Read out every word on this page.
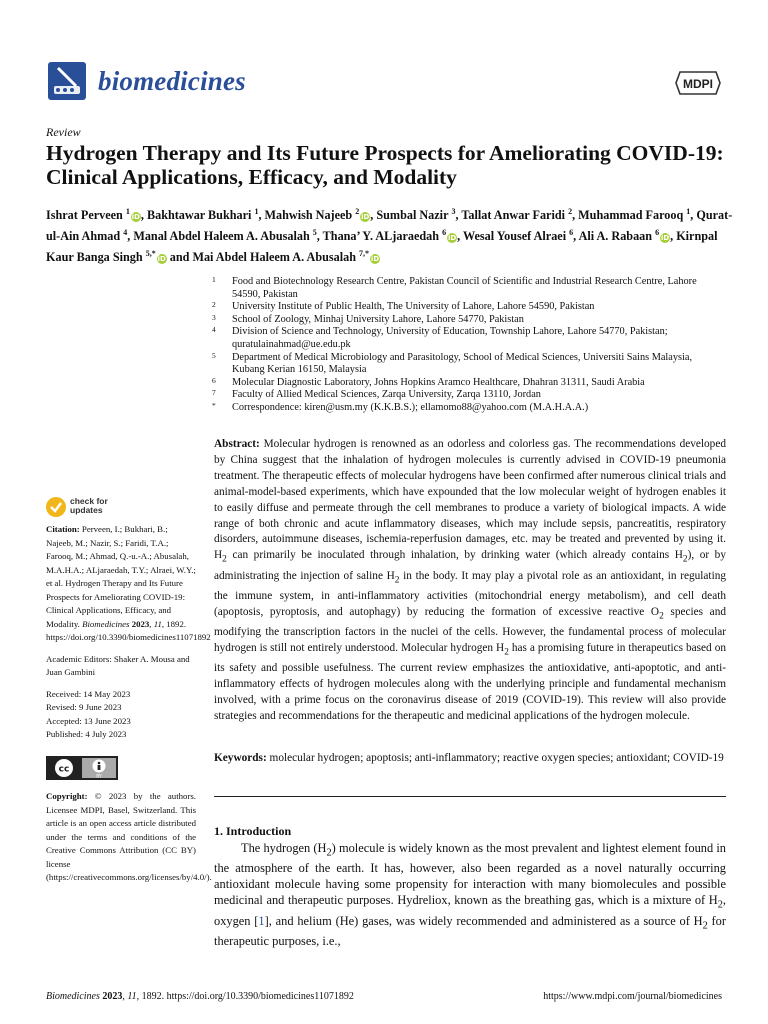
biomedicines	MDPI
Review
Hydrogen Therapy and Its Future Prospects for Ameliorating COVID-19: Clinical Applications, Efficacy, and Modality
Ishrat Perveen $^1$iD, Bakhtawar Bukhari $^1$, Mahwish Najeeb $^2$iD, Sumbal Nazir $^3$, Tallat Anwar Faridi $^2$, Muhammad Farooq $^1$, Qurat-ul-Ain Ahmad $^4$, Manal Abdel Haleem A. Abusalah $^5$, Thana’ Y. ALjaraedah $^6$iD, Wesal Yousef Alraei $^6$, Ali A. Rabaan $^6$iD, Kirnpal Kaur Banga Singh $^{5,*}$iD and Mai Abdel Haleem A. Abusalah $^{7,*}$iD
1 Food and Biotechnology Research Centre, Pakistan Council of Scientific and Industrial Research Centre, Lahore 54590, Pakistan
2 University Institute of Public Health, The University of Lahore, Lahore 54590, Pakistan
3 School of Zoology, Minhaj University Lahore, Lahore 54770, Pakistan
4 Division of Science and Technology, University of Education, Township Lahore, Lahore 54770, Pakistan; quratulainahmad@ue.edu.pk
5 Department of Medical Microbiology and Parasitology, School of Medical Sciences, Universiti Sains Malaysia, Kubang Kerian 16150, Malaysia
6 Molecular Diagnostic Laboratory, Johns Hopkins Aramco Healthcare, Dhahran 31311, Saudi Arabia
7 Faculty of Allied Medical Sciences, Zarqa University, Zarqa 13110, Jordan
* Correspondence: kiren@usm.my (K.K.B.S.); ellamomo88@yahoo.com (M.A.H.A.A.)
Abstract: Molecular hydrogen is renowned as an odorless and colorless gas. The recommendations developed by China suggest that the inhalation of hydrogen molecules is currently advised in COVID-19 pneumonia treatment. The therapeutic effects of molecular hydrogens have been confirmed after numerous clinical trials and animal-model-based experiments, which have expounded that the low molecular weight of hydrogen enables it to easily diffuse and permeate through the cell membranes to produce a variety of biological impacts. A wide range of both chronic and acute inflammatory diseases, which may include sepsis, pancreatitis, respiratory disorders, autoimmune diseases, ischemia-reperfusion damages, etc. may be treated and prevented by using it. $H_2$ can primarily be inoculated through inhalation, by drinking water (which already contains $H_2$), or by administrating the injection of saline $H_2$ in the body. It may play a pivotal role as an antioxidant, in regulating the immune system, in anti-inflammatory activities (mitochondrial energy metabolism), and cell death (apoptosis, pyroptosis, and autophagy) by reducing the formation of excessive reactive $O_2$ species and modifying the transcription factors in the nuclei of the cells. However, the fundamental process of molecular hydrogen is still not entirely understood. Molecular hydrogen $H_2$ has a promising future in therapeutics based on its safety and possible usefulness. The current review emphasizes the antioxidative, anti-apoptotic, and anti-inflammatory effects of hydrogen molecules along with the underlying principle and fundamental mechanism involved, with a prime focus on the coronavirus disease of 2019 (COVID-19). This review will also provide strategies and recommendations for the therapeutic and medicinal applications of the hydrogen molecule.
Keywords: molecular hydrogen; apoptosis; anti-inflammatory; reactive oxygen species; antioxidant; COVID-19
1. Introduction
The hydrogen $(H_2)$ molecule is widely known as the most prevalent and lightest element found in the atmosphere of the earth. It has, however, also been regarded as a novel naturally occurring antioxidant molecule having some propensity for interaction with many biomolecules and possible medicinal and therapeutic purposes. Hydreliox, known as the breathing gas, which is a mixture of $H_2$, oxygen [1], and helium (He) gases, was widely recommended and administered as a source of $H_2$ for therapeutic purposes, i.e.,
check for
updates
Citation: Perveen, I.; Bukhari, B.; Najeeb, M.; Nazir, S.; Faridi, T.A.; Farooq, M.; Ahmad, Q.-u.-A.; Abusalah, M.A.H.A.; ALjaraedah, T.Y.; Alraei, W.Y.; et al. Hydrogen Therapy and Its Future Prospects for Ameliorating COVID-19: Clinical Applications, Efficacy, and Modality. Biomedicines 2023, 11, 1892. https://doi.org/10.3390/biomedicines11071892
Academic Editors: Shaker A. Mousa and Juan Gambini
Received: 14 May 2023
Revised: 9 June 2023
Accepted: 13 June 2023
Published: 4 July 2023
cc
BY
Copyright: © 2023 by the authors. Licensee MDPI, Basel, Switzerland. This article is an open access article distributed under the terms and conditions of the Creative Commons Attribution (CC BY) license (https://creativecommons.org/licenses/by/4.0/).
Biomedicines 2023, 11, 1892. https://doi.org/10.3390/biomedicines11071892	https://www.mdpi.com/journal/biomedicines
